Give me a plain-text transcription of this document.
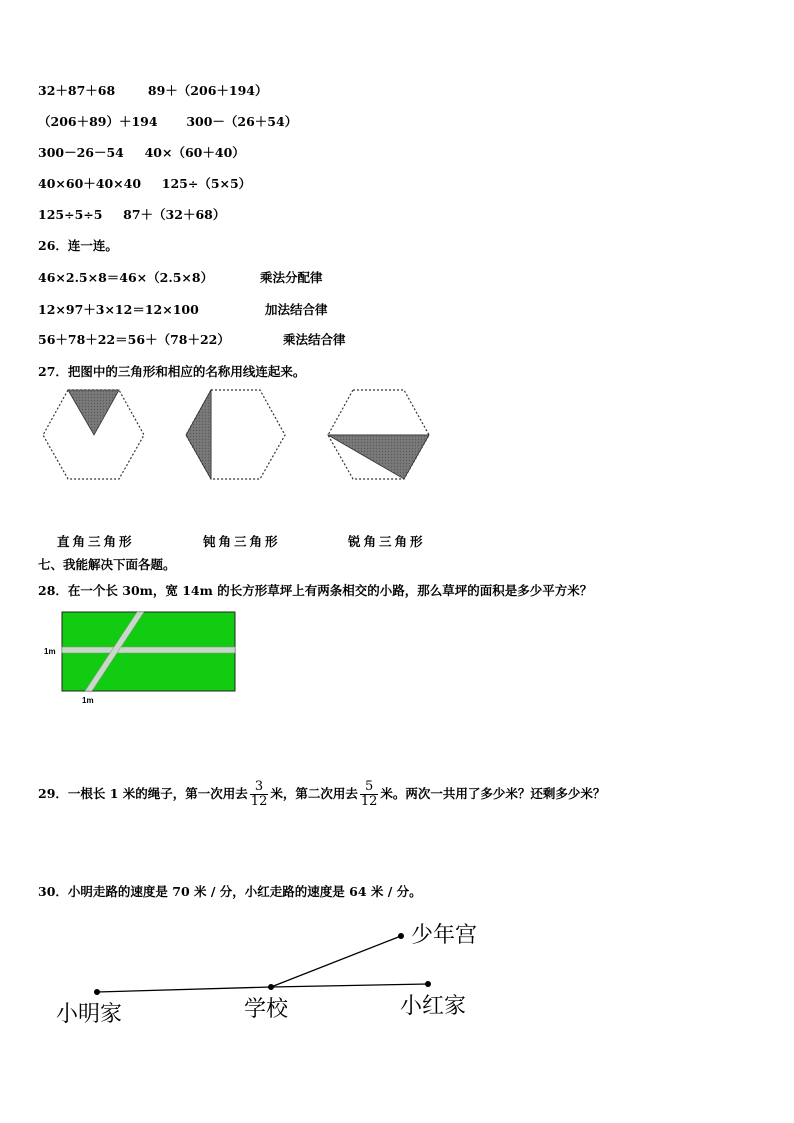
32＋87＋68	89＋（206＋194）
（206＋89）＋194 300－（26＋54）
300－26－54 40×（60＋40）
40×60＋40×40 125÷（5×5）
125÷5÷5 87＋（32＋68）
26．连一连。
46×2.5×8＝46×（2.5×8）	乘法分配律
12×97＋3×12＝12×100	加法结合律
56＋78＋22＝56＋（78＋22）	乘法结合律
27．把图中的三角形和相应的名称用线连起来。
直角三角形	钝角三角形	锐角三角形
七、我能解决下面各题。
28．在一个长 30m，宽 14m 的长方形草坪上有两条相交的小路，那么草坪的面积是多少平方米？
1m
1m
29．一根长 1 米的绳子，第一次用去 $\frac{3}{12}$ 米，第二次用去 $\frac{5}{12}$ 米。两次一共用了多少米？还剩多少米？
30．小明走路的速度是 70 米 / 分，小红走路的速度是 64 米 / 分。
少年宫
小明家	学校	小红家
